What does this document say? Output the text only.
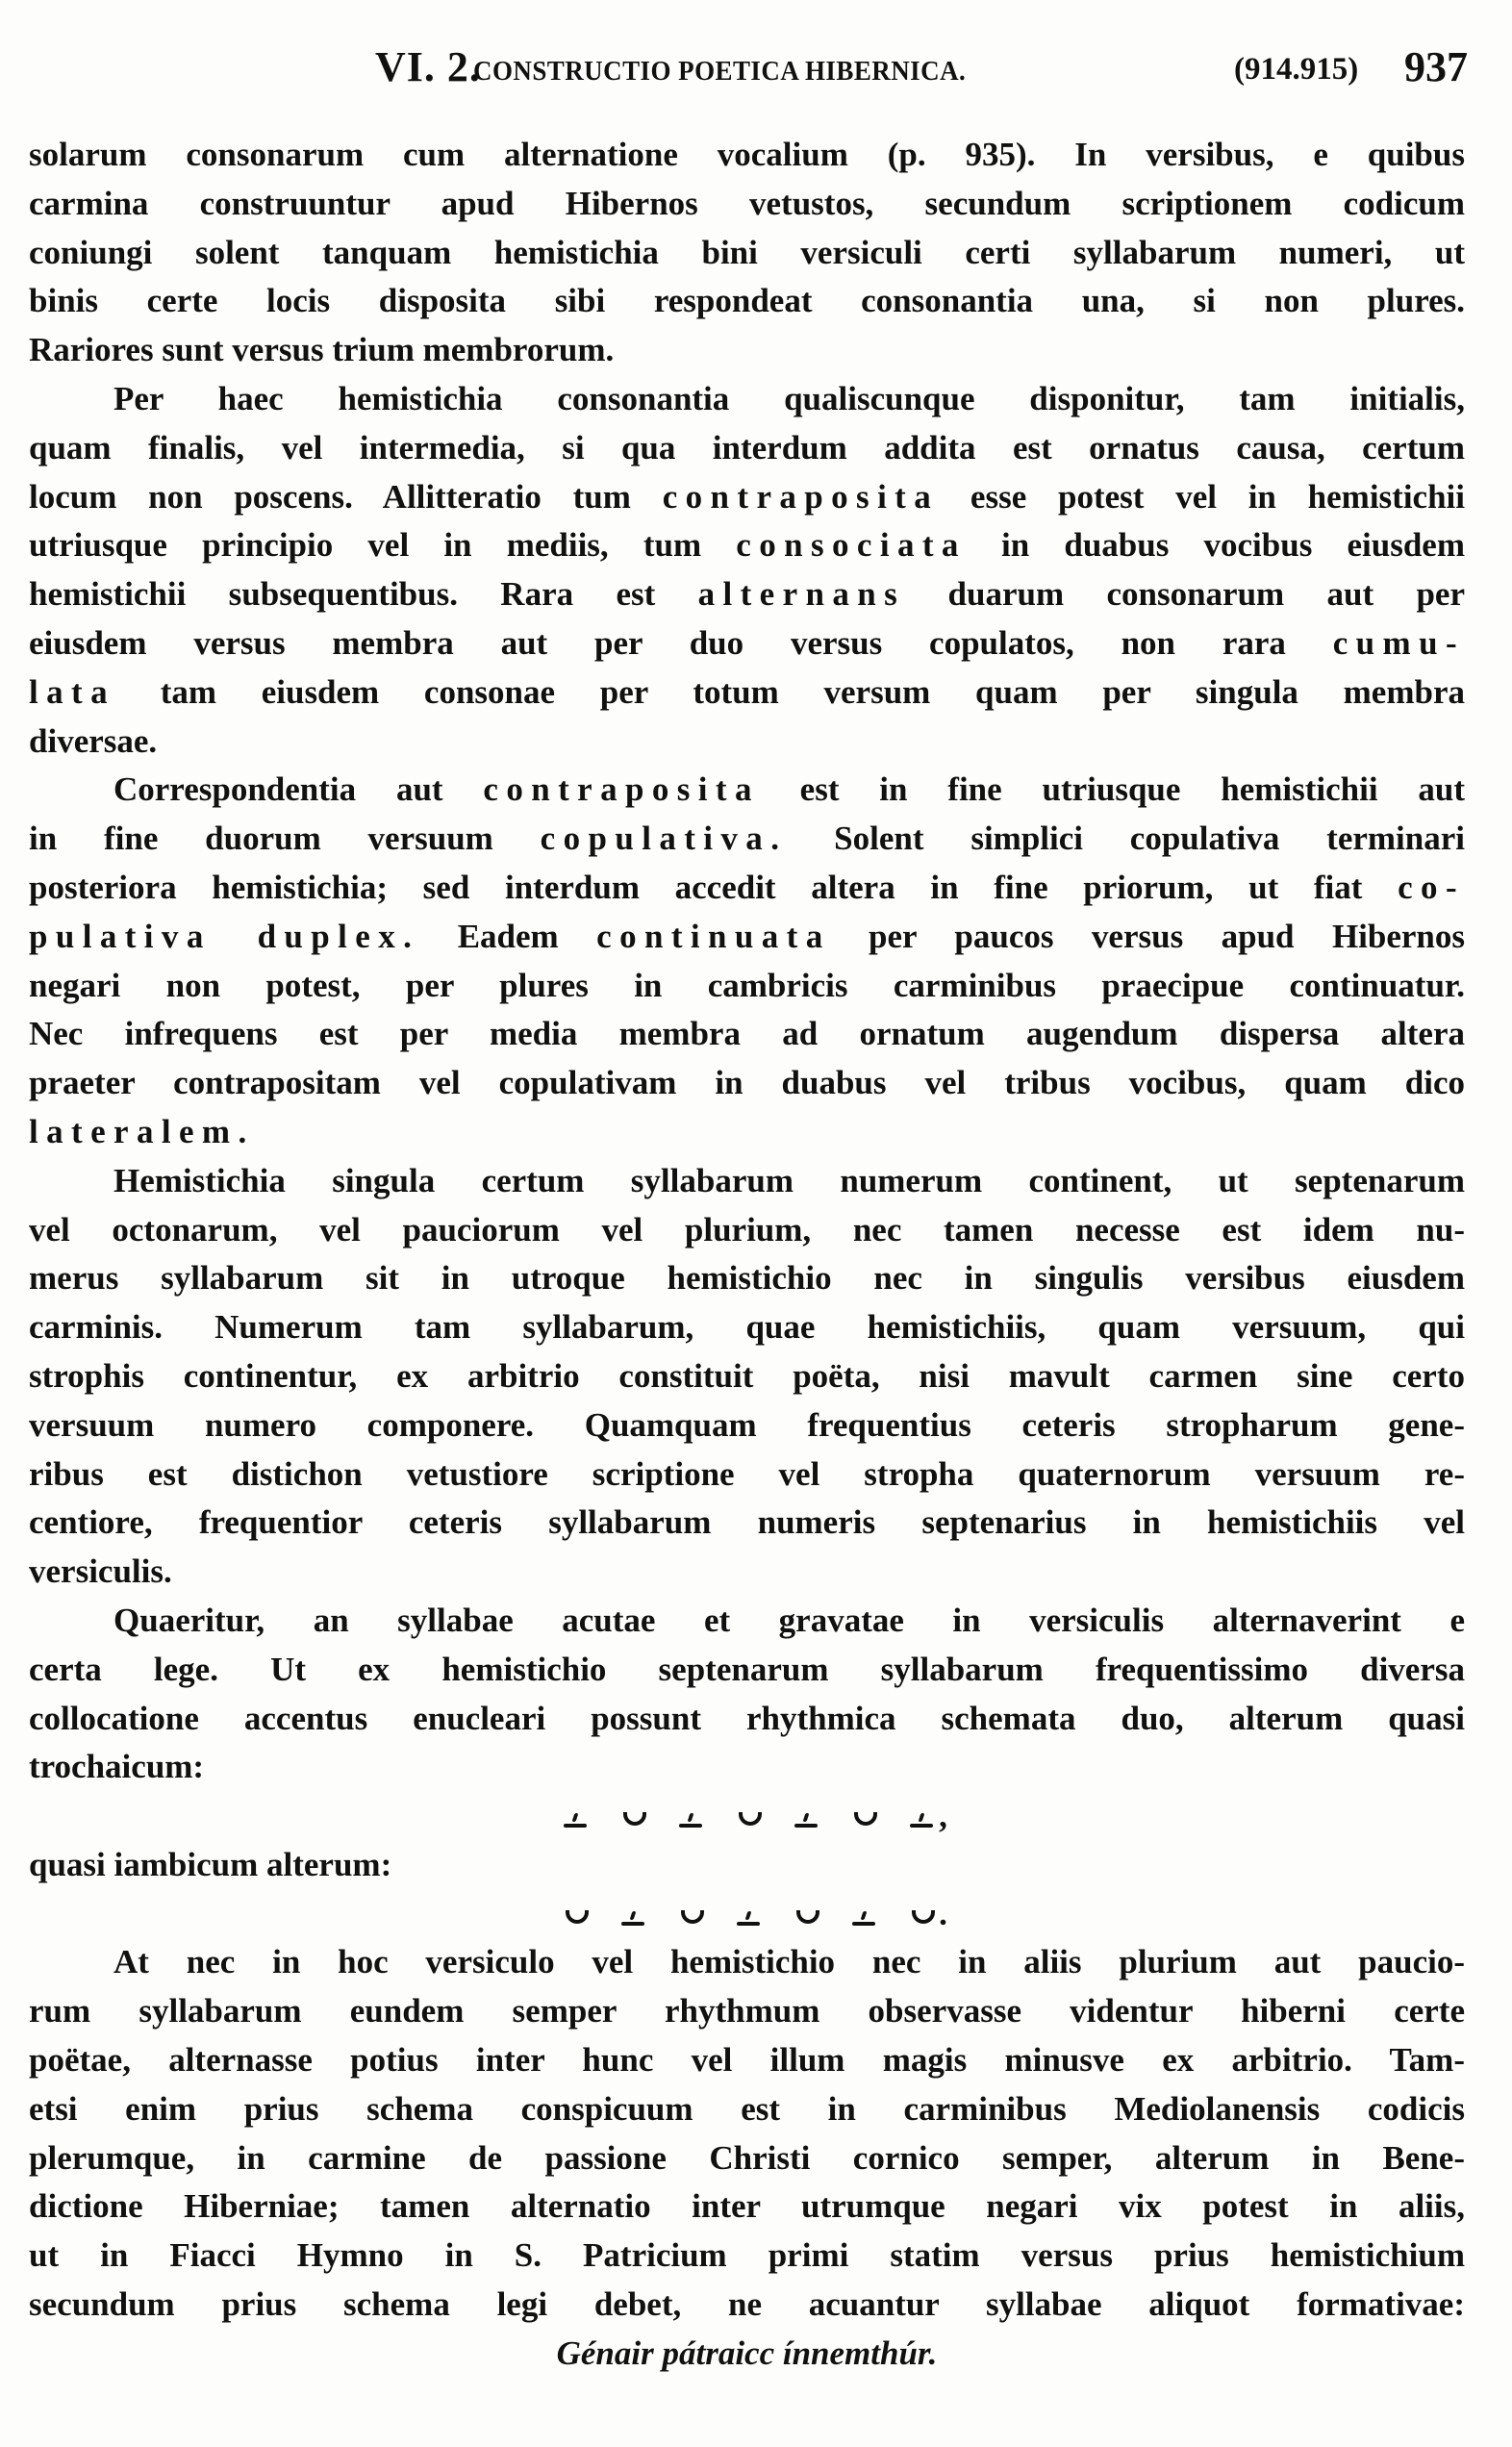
VI. 2.
CONSTRUCTIO POETICA HIBERNICA.	(914.915) 937
solarum consonarum cum alternatione vocalium (p. 935). In versibus, e quibus
carmina construuntur apud Hibernos vetustos, secundum scriptionem codicum
coniungi solent tanquam hemistichia bini versiculi certi syllabarum numeri, ut
binis certe locis disposita sibi respondeat consonantia una, si non plures.
Rariores sunt versus trium membrorum.
Per haec hemistichia consonantia qualiscunque disponitur, tam initialis,
quam finalis, vel intermedia, si qua interdum addita est ornatus causa, certum
locum non poscens. Allitteratio tum contraposita esse potest vel in hemistichii
utriusque principio vel in mediis, tum consociata in duabus vocibus eiusdem
hemistichii subsequentibus. Rara est alternans duarum consonarum aut per
eiusdem versus membra aut per duo versus copulatos, non rara cumu-
lata tam eiusdem consonae per totum versum quam per singula membra
diversae.
Correspondentia aut contraposita est in fine utriusque hemistichii aut
in fine duorum versuum copulativa. Solent simplici copulativa terminari
posteriora hemistichia; sed interdum accedit altera in fine priorum, ut fiat co-
pulativa duplex. Eadem continuata per paucos versus apud Hibernos
negari non potest, per plures in cambricis carminibus praecipue continuatur.
Nec infrequens est per media membra ad ornatum augendum dispersa altera
praeter contrapositam vel copulativam in duabus vel tribus vocibus, quam dico
lateralem.
Hemistichia singula certum syllabarum numerum continent, ut septenarum
vel octonarum, vel pauciorum vel plurium, nec tamen necesse est idem nu-
merus syllabarum sit in utroque hemistichio nec in singulis versibus eiusdem
carminis. Numerum tam syllabarum, quae hemistichiis, quam versuum, qui
strophis continentur, ex arbitrio constituit poëta, nisi mavult carmen sine certo
versuum numero componere. Quamquam frequentius ceteris stropharum gene-
ribus est distichon vetustiore scriptione vel stropha quaternorum versuum re-
centiore, frequentior ceteris syllabarum numeris septenarius in hemistichiis vel
versiculis.
Quaeritur, an syllabae acutae et gravatae in versiculis alternaverint e
certa lege. Ut ex hemistichio septenarum syllabarum frequentissimo diversa
collocatione accentus enucleari possunt rhythmica schemata duo, alterum quasi
trochaicum:
,
quasi iambicum alterum:
.
At nec in hoc versiculo vel hemistichio nec in aliis plurium aut paucio-
rum syllabarum eundem semper rhythmum observasse videntur hiberni certe
poëtae, alternasse potius inter hunc vel illum magis minusve ex arbitrio. Tam-
etsi enim prius schema conspicuum est in carminibus Mediolanensis codicis
plerumque, in carmine de passione Christi cornico semper, alterum in Bene-
dictione Hiberniae; tamen alternatio inter utrumque negari vix potest in aliis,
ut in Fiacci Hymno in S. Patricium primi statim versus prius hemistichium
secundum prius schema legi debet, ne acuantur syllabae aliquot formativae:
Génair pátraicc ínnemthúr.
